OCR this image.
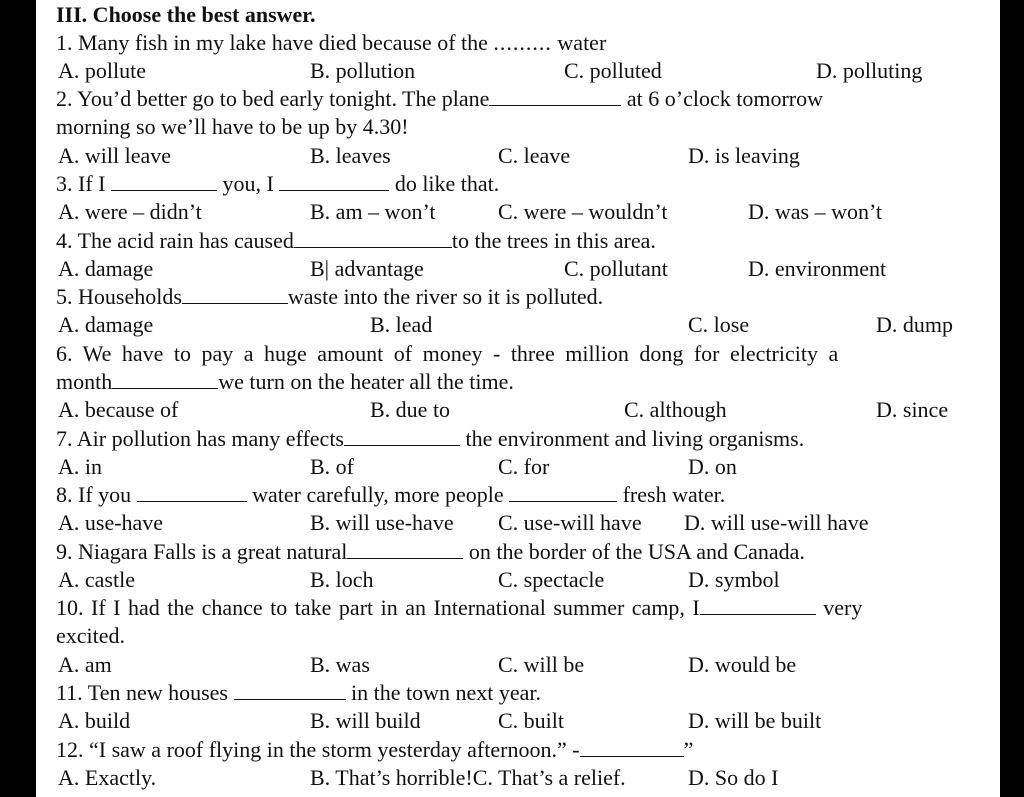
III. Choose the best answer.
1. Many fish in my lake have died because of the ......... water
A. pollute	B. pollution	C. polluted	D. polluting
2. You’d better go to bed early tonight. The plane	at 6 o’clock tomorrow
morning so we’ll have to be up by 4.30!
A. will leave	B. leaves	C. leave	D. is leaving
3. If I	you, I	do like that.
A. were – didn’t	B. am – won’t	C. were – wouldn’t	D. was – won’t
4. The acid rain has caused	to the trees in this area.
A. damage	B| advantage	C. pollutant	D. environment
5. Households	waste into the river so it is polluted.
A. damage	B. lead	C. lose	D. dump
6. We have to pay a huge amount of money - three million dong for electricity a
month	we turn on the heater all the time.
A. because of	B. due to	C. although	D. since
7. Air pollution has many effects	the environment and living organisms.
A. in	B. of	C. for	D. on
8. If you	water carefully, more people	fresh water.
A. use-have	B. will use-have C. use-will have D. will use-will have
9. Niagara Falls is a great natural	on the border of the USA and Canada.
A. castle	B. loch	C. spectacle	D. symbol
10. If I had the chance to take part in an International summer camp, I	very
excited.
A. am	B. was	C. will be	D. would be
11. Ten new houses	in the town next year.
A. build	B. will build	C. built	D. will be built
12. “I saw a roof flying in the storm yesterday afternoon.” -	”
A. Exactly.	B. That’s horrible!C. That’s a relief.	D. So do I
